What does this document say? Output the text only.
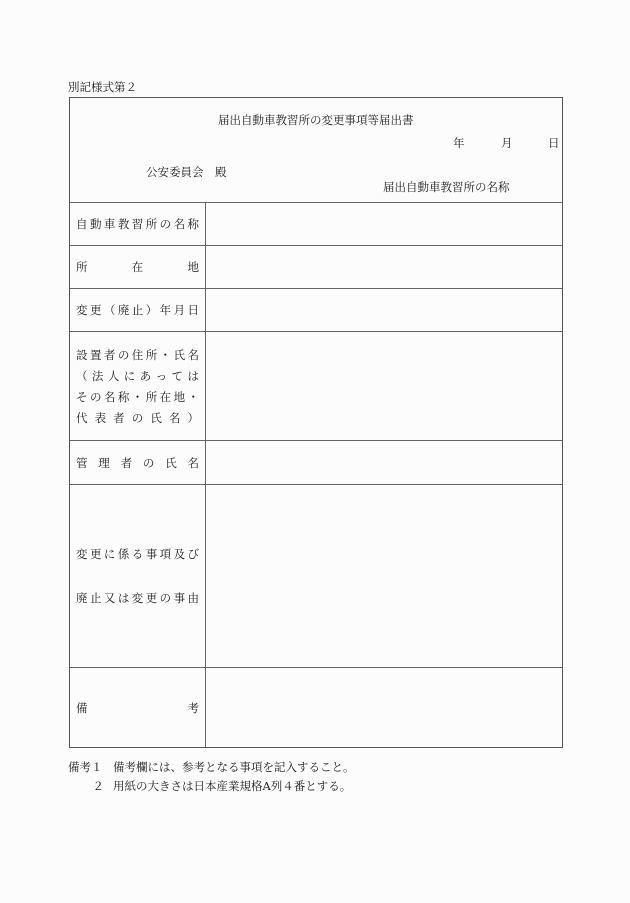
別記様式第２
届出自動車教習所の変更事項等届出書
年	月	日
公安委員会 殿
届出自動車教習所の名称
自 動 車 教 習 所 の 名 称
所	在	地
変 更 （ 廃 止 ） 年 月 日
設 置 者 の 住 所 ・ 氏 名
（ 法 人 に あ っ て は
そ の 名 称 ・ 所 在 地 ・
代 表 者 の 氏 名 ）
管 理 者 の 氏 名
変 更 に 係 る 事 項 及 び
廃 止 又 は 変 更 の 事 由
備	考
備考１ 備考欄には、参考となる事項を記入すること。
２ 用紙の大きさは日本産業規格A列４番とする。
